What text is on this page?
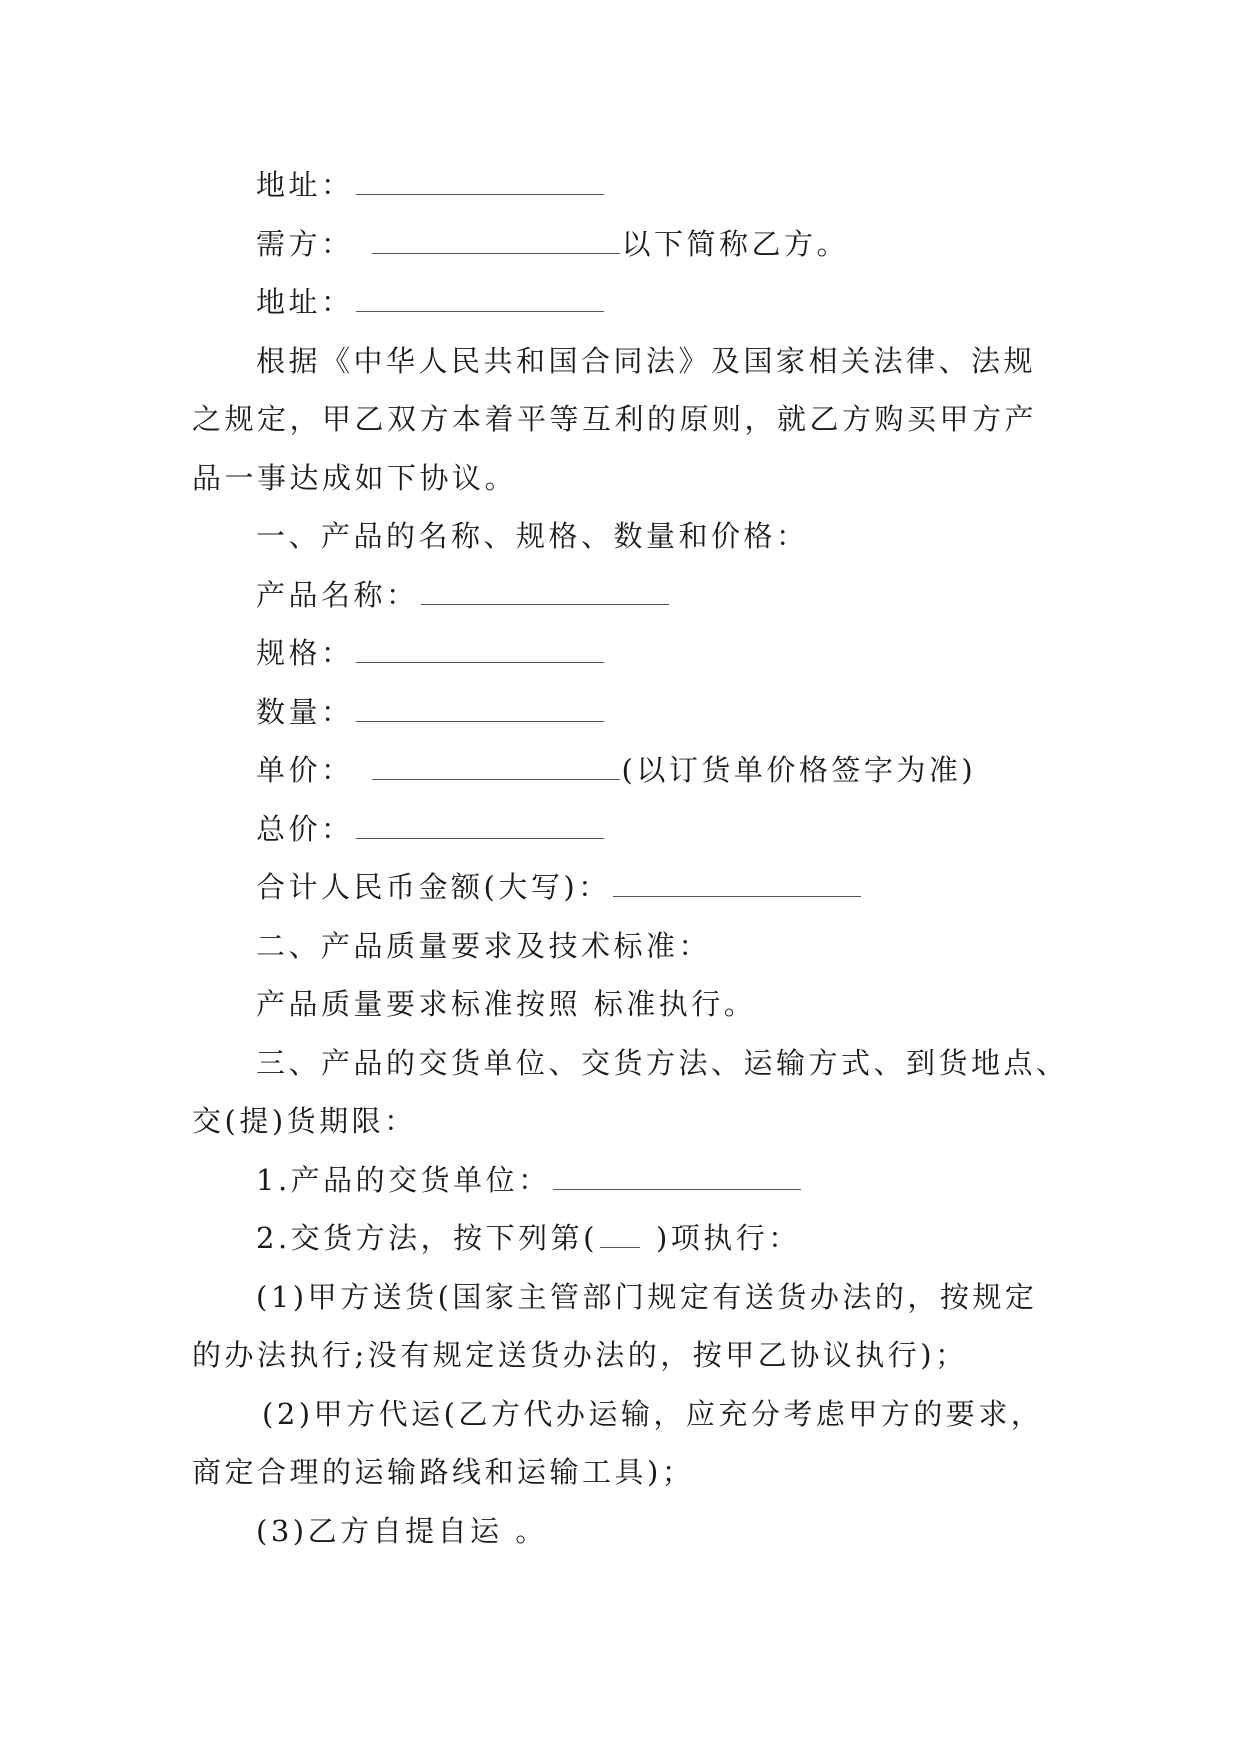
地址：
需方：	以下简称乙方。
地址：
根据《中华人民共和国合同法》及国家相关法律、法规
之规定，甲乙双方本着平等互利的原则，就乙方购买甲方产
品一事达成如下协议。
一、产品的名称、规格、数量和价格：
产品名称：
规格：
数量：
单价：	(以订货单价格签字为准)
总价：
合计人民币金额(大写)：
二、产品质量要求及技术标准：
产品质量要求标准按照 标准执行。
三、产品的交货单位、交货方法、运输方式、到货地点、
交(提)货期限：
1.产品的交货单位：
2.交货方法，按下列第( )项执行：
(1)甲方送货(国家主管部门规定有送货办法的，按规定
的办法执行;没有规定送货办法的，按甲乙协议执行)；
(2)甲方代运(乙方代办运输，应充分考虑甲方的要求，
商定合理的运输路线和运输工具)；
(3)乙方自提自运 。
